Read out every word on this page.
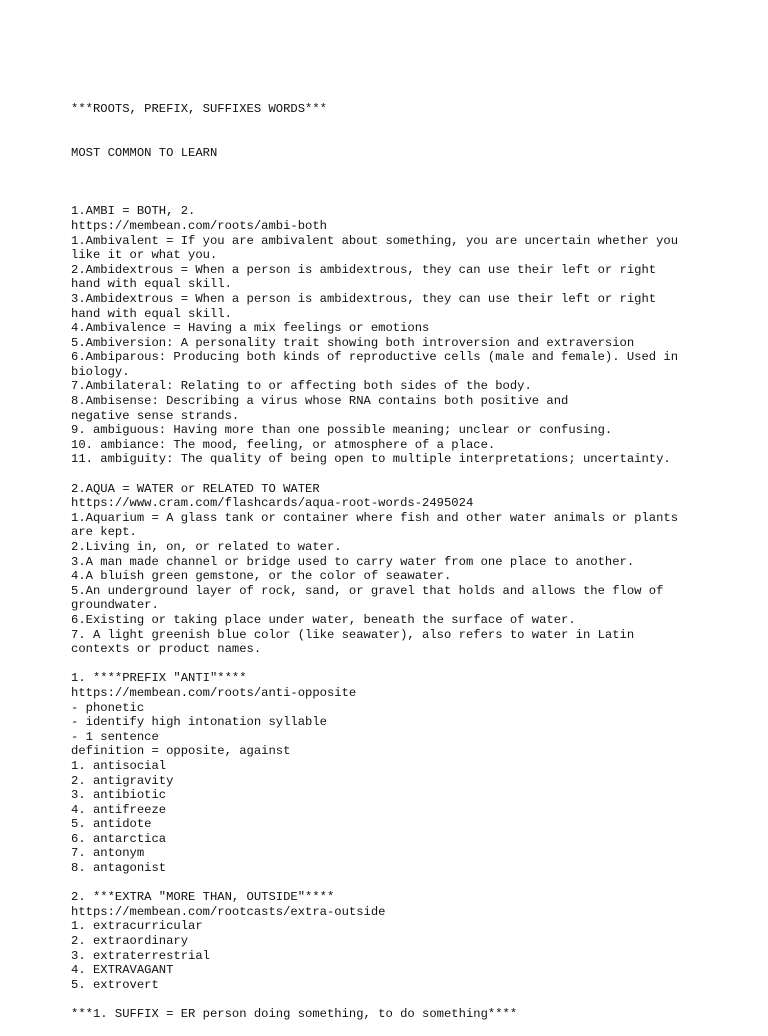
***ROOTS, PREFIX, SUFFIXES WORDS***

MOST COMMON TO LEARN

1.AMBI = BOTH, 2.
https://membean.com/roots/ambi-both
1.Ambivalent = If you are ambivalent about something, you are uncertain whether you
like it or what you.
2.Ambidextrous = When a person is ambidextrous, they can use their left or right
hand with equal skill.
3.Ambidextrous = When a person is ambidextrous, they can use their left or right
hand with equal skill.
4.Ambivalence = Having a mix feelings or emotions
5.Ambiversion: A personality trait showing both introversion and extraversion
6.Ambiparous: Producing both kinds of reproductive cells (male and female). Used in
biology.
7.Ambilateral: Relating to or affecting both sides of the body.
8.Ambisense: Describing a virus whose RNA contains both positive and
negative sense strands.
9. ambiguous: Having more than one possible meaning; unclear or confusing.
10. ambiance: The mood, feeling, or atmosphere of a place.
11. ambiguity: The quality of being open to multiple interpretations; uncertainty.
2.AQUA = WATER or RELATED TO WATER
https://www.cram.com/flashcards/aqua-root-words-2495024
1.Aquarium = A glass tank or container where fish and other water animals or plants
are kept.
2.Living in, on, or related to water.
3.A man made channel or bridge used to carry water from one place to another.
4.A bluish green gemstone, or the color of seawater.
5.An underground layer of rock, sand, or gravel that holds and allows the flow of
groundwater.
6.Existing or taking place under water, beneath the surface of water.
7. A light greenish blue color (like seawater), also refers to water in Latin
contexts or product names.
1. ****PREFIX "ANTI"****
https://membean.com/roots/anti-opposite
- phonetic
- identify high intonation syllable
- 1 sentence
definition = opposite, against
1. antisocial
2. antigravity
3. antibiotic
4. antifreeze
5. antidote
6. antarctica
7. antonym
8. antagonist
2. ***EXTRA "MORE THAN, OUTSIDE"****
https://membean.com/rootcasts/extra-outside
1. extracurricular
2. extraordinary
3. extraterrestrial
4. EXTRAVAGANT
5. extrovert
***1. SUFFIX = ER person doing something, to do something****
